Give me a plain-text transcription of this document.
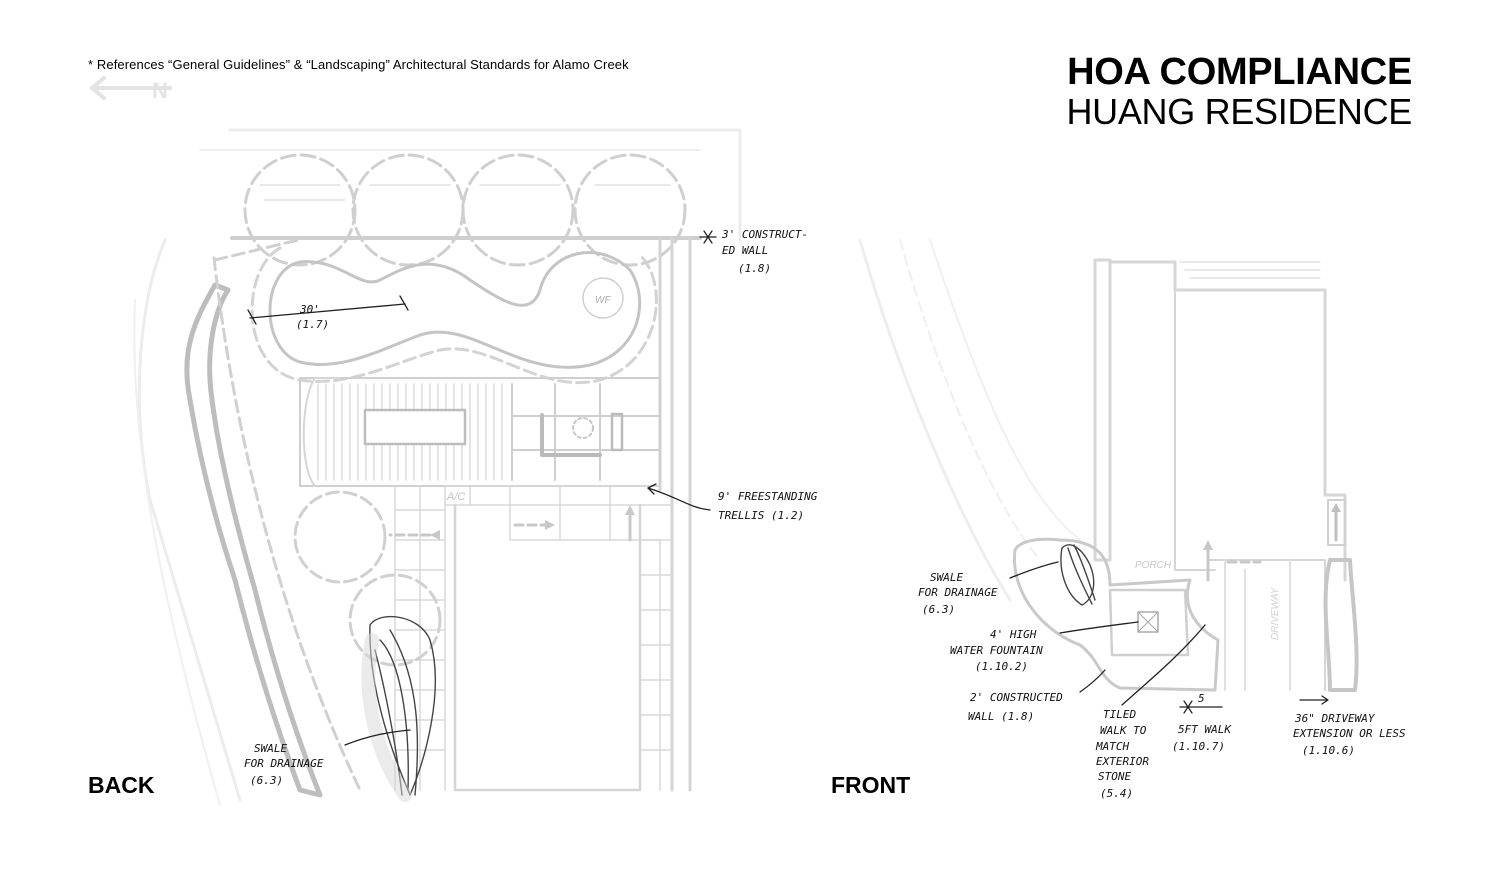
* References “General Guidelines” & “Landscaping” Architectural Standards for Alamo Creek	HOA COMPLIANCE
HUANG RESIDENCE
N
WF
A/C
3' CONSTRUCT-
ED WALL
(1.8)
30'
(1.7)
9' FREESTANDING
TRELLIS (1.2)
SWALE
FOR DRAINAGE
(6.3)
PORCH
DRIVEWAY
SWALE
FOR DRAINAGE
(6.3)
4' HIGH
WATER FOUNTAIN
(1.10.2)
2' CONSTRUCTED
WALL (1.8)	TILED
WALK TO
MATCH
EXTERIOR
STONE
(5.4)
5
5FT WALK
(1.10.7)
36" DRIVEWAY
EXTENSION OR LESS
(1.10.6)
BACK	FRONT
